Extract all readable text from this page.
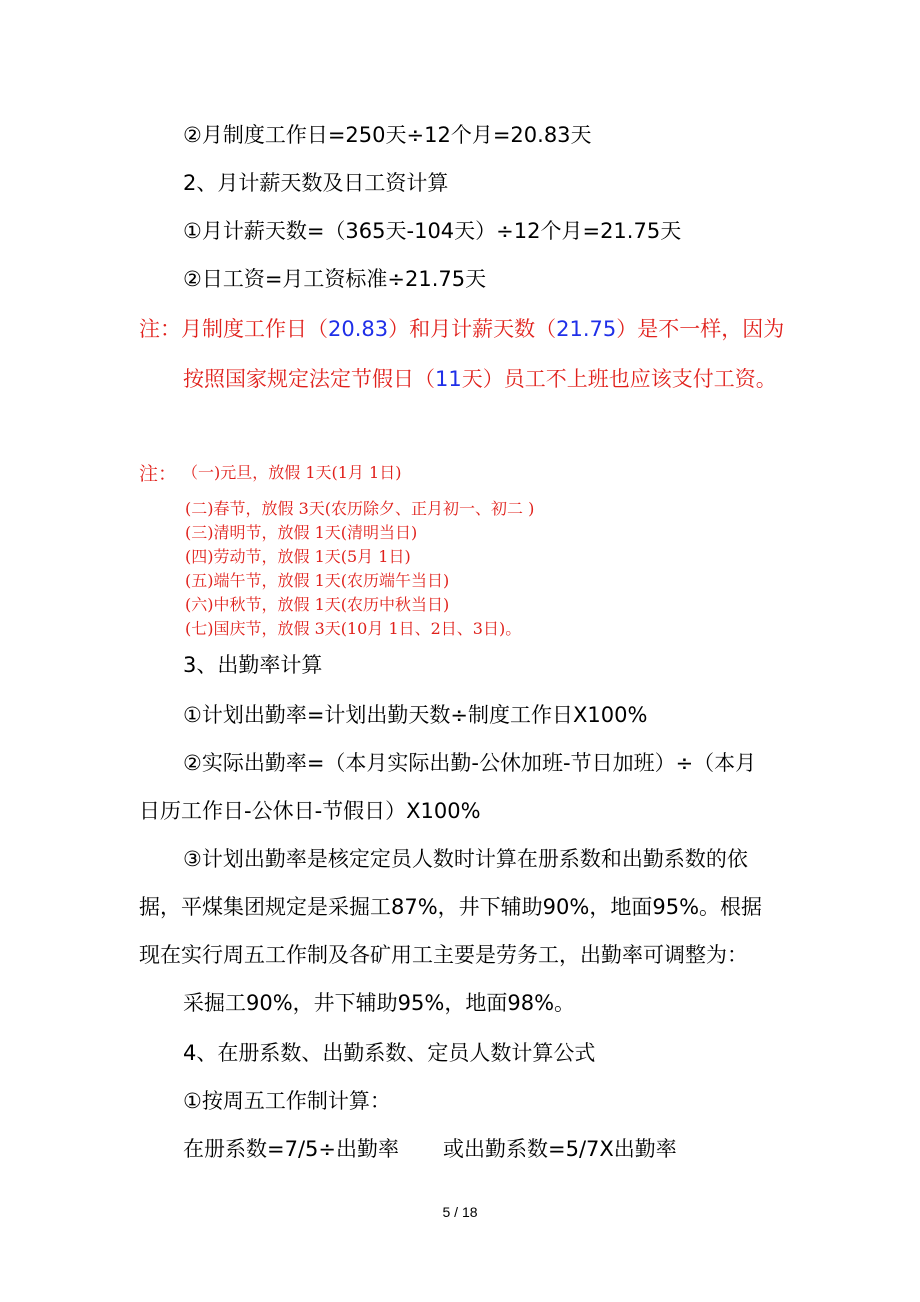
②月制度工作日=250天÷12个月=20.83天
2、月计薪天数及日工资计算
①月计薪天数=（365天-104天）÷12个月=21.75天
②日工资=月工资标准÷21.75天
注：月制度工作日（20.83）和月计薪天数（21.75）是不一样，因为
按照国家规定法定节假日（11天）员工不上班也应该支付工资。
注： （一)元旦，放假 1天(1月 1日)
(二)春节，放假 3天(农历除夕、正月初一、初二 )
(三)清明节，放假 1天(清明当日)
(四)劳动节，放假 1天(5月 1日)
(五)端午节，放假 1天(农历端午当日)
(六)中秋节，放假 1天(农历中秋当日)
(七)国庆节，放假 3天(10月 1日、2日、3日)。
3、出勤率计算
①计划出勤率=计划出勤天数÷制度工作日X100%
②实际出勤率=（本月实际出勤-公休加班-节日加班）÷（本月
日历工作日-公休日-节假日）X100%
③计划出勤率是核定定员人数时计算在册系数和出勤系数的依
据，平煤集团规定是采掘工87%，井下辅助90%，地面95%。根据
现在实行周五工作制及各矿用工主要是劳务工，出勤率可调整为：
采掘工90%，井下辅助95%，地面98%。
4、在册系数、出勤系数、定员人数计算公式
①按周五工作制计算：
在册系数=7/5÷出勤率 或出勤系数=5/7X出勤率
5 / 18
